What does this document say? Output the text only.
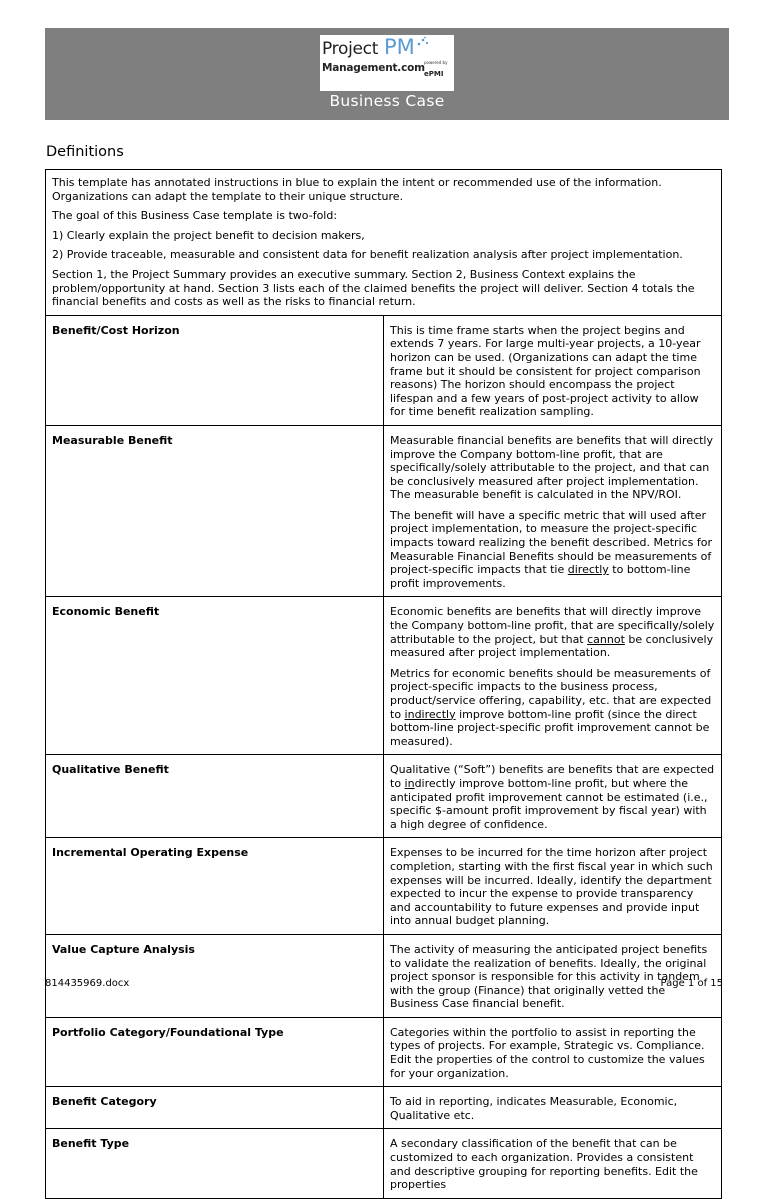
Project PM
Management.com powered by
ePMI
Business Case
Definitions

This template has annotated instructions in blue to explain the intent or recommended use of the information. Organizations can adapt the template to their unique structure.

The goal of this Business Case template is two-fold:

1) Clearly explain the project benefit to decision makers,

2) Provide traceable, measurable and consistent data for benefit realization analysis after project implementation.

Section 1, the Project Summary provides an executive summary. Section 2, Business Context explains the problem/opportunity at hand. Section 3 lists each of the claimed benefits the project will deliver. Section 4 totals the financial benefits and costs as well as the risks to financial return.	

Benefit/Cost Horizon	This is time frame starts when the project begins and extends 7 years. For large multi-year projects, a 10-year horizon can be used. (Organizations can adapt the time frame but it should be consistent for project comparison reasons) The horizon should encompass the project lifespan and a few years of post-project activity to allow for time benefit realization sampling.

Measurable Benefit	Measurable financial benefits are benefits that will directly improve the Company bottom-line profit, that are specifically/solely attributable to the project, and that can be conclusively measured after project implementation. The measurable benefit is calculated in the NPV/ROI.

The benefit will have a specific metric that will used after project implementation, to measure the project-specific impacts toward realizing the benefit described. Metrics for Measurable Financial Benefits should be measurements of project-specific impacts that tie directly to bottom-line profit improvements.

Economic Benefit	Economic benefits are benefits that will directly improve the Company bottom-line profit, that are specifically/solely attributable to the project, but that cannot be conclusively measured after project implementation.

Metrics for economic benefits should be measurements of project-specific impacts to the business process, product/service offering, capability, etc. that are expected to indirectly improve bottom-line profit (since the direct bottom-line project-specific profit improvement cannot be measured).

Qualitative Benefit	Qualitative (“Soft”) benefits are benefits that are expected to indirectly improve bottom-line profit, but where the anticipated profit improvement cannot be estimated (i.e., specific $-amount profit improvement by fiscal year) with a high degree of confidence.

Incremental Operating Expense	Expenses to be incurred for the time horizon after project completion, starting with the first fiscal year in which such expenses will be incurred. Ideally, identify the department expected to incur the expense to provide transparency and accountability to future expenses and provide input into annual budget planning.

Value Capture Analysis	The activity of measuring the anticipated project benefits to validate the realization of benefits. Ideally, the original project sponsor is responsible for this activity in tandem with the group (Finance) that originally vetted the Business Case financial benefit.

Portfolio Category/Foundational Type	Categories within the portfolio to assist in reporting the types of projects. For example, Strategic vs. Compliance. Edit the properties of the control to customize the values for your organization.

Benefit Category	To aid in reporting, indicates Measurable, Economic, Qualitative etc.

Benefit Type	A secondary classification of the benefit that can be customized to each organization. Provides a consistent and descriptive grouping for reporting benefits. Edit the properties

814435969.docx	Page 1 of 15
